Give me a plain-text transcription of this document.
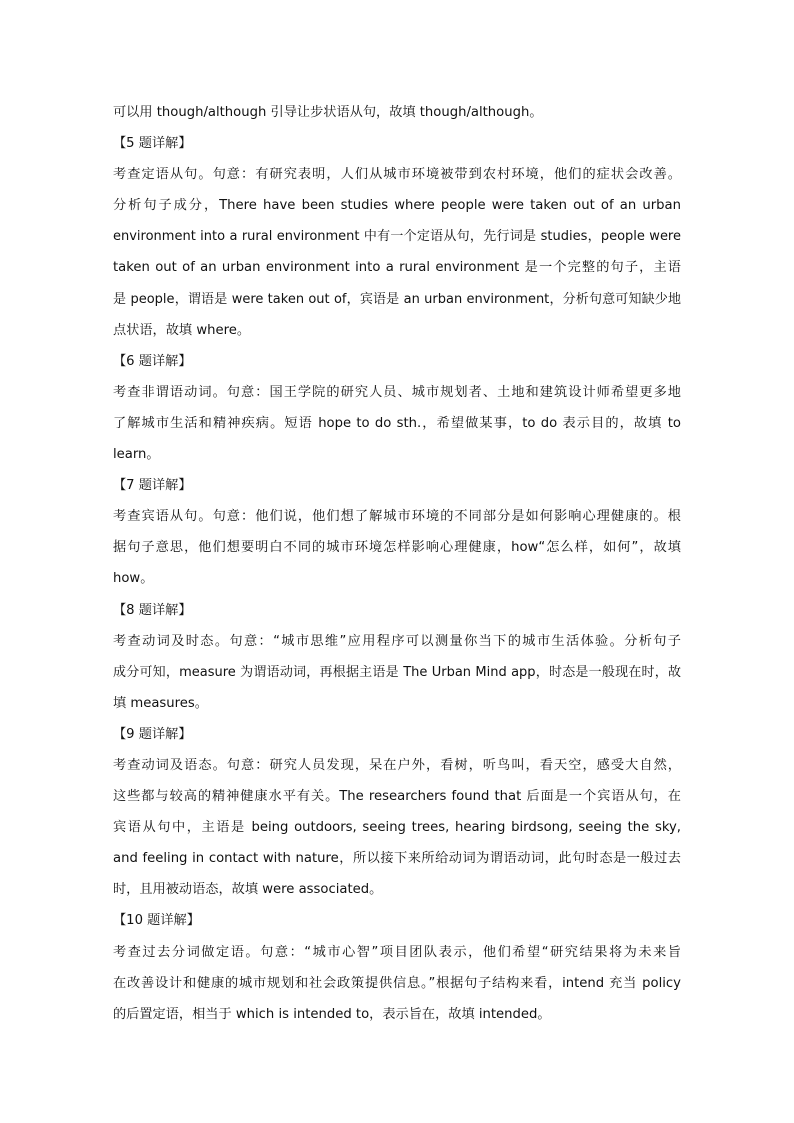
可以用 though/although 引导让步状语从句，故填 though/although。
【5 题详解】
考查定语从句。句意：有研究表明，人们从城市环境被带到农村环境，他们的症状会改善。
分析句子成分，There have been studies where people were taken out of an urban
environment into a rural environment 中有一个定语从句，先行词是 studies，people were
taken out of an urban environment into a rural environment 是一个完整的句子，主语
是 people，谓语是 were taken out of，宾语是 an urban environment，分析句意可知缺少地
点状语，故填 where。
【6 题详解】
考查非谓语动词。句意：国王学院的研究人员、城市规划者、土地和建筑设计师希望更多地
了解城市生活和精神疾病。短语 hope to do sth.，希望做某事，to do 表示目的，故填 to
learn。
【7 题详解】
考查宾语从句。句意：他们说，他们想了解城市环境的不同部分是如何影响心理健康的。根
据句子意思，他们想要明白不同的城市环境怎样影响心理健康，how“怎么样，如何”，故填
how。
【8 题详解】
考查动词及时态。句意：“城市思维”应用程序可以测量你当下的城市生活体验。分析句子
成分可知，measure 为谓语动词，再根据主语是 The Urban Mind app，时态是一般现在时，故
填 measures。
【9 题详解】
考查动词及语态。句意：研究人员发现，呆在户外，看树，听鸟叫，看天空，感受大自然，
这些都与较高的精神健康水平有关。The researchers found that 后面是一个宾语从句，在
宾语从句中，主语是 being outdoors, seeing trees, hearing birdsong, seeing the sky,
and feeling in contact with nature，所以接下来所给动词为谓语动词，此句时态是一般过去
时，且用被动语态，故填 were associated。
【10 题详解】
考查过去分词做定语。句意：“城市心智”项目团队表示，他们希望“研究结果将为未来旨
在改善设计和健康的城市规划和社会政策提供信息。”根据句子结构来看，intend 充当 policy
的后置定语，相当于 which is intended to，表示旨在，故填 intended。
